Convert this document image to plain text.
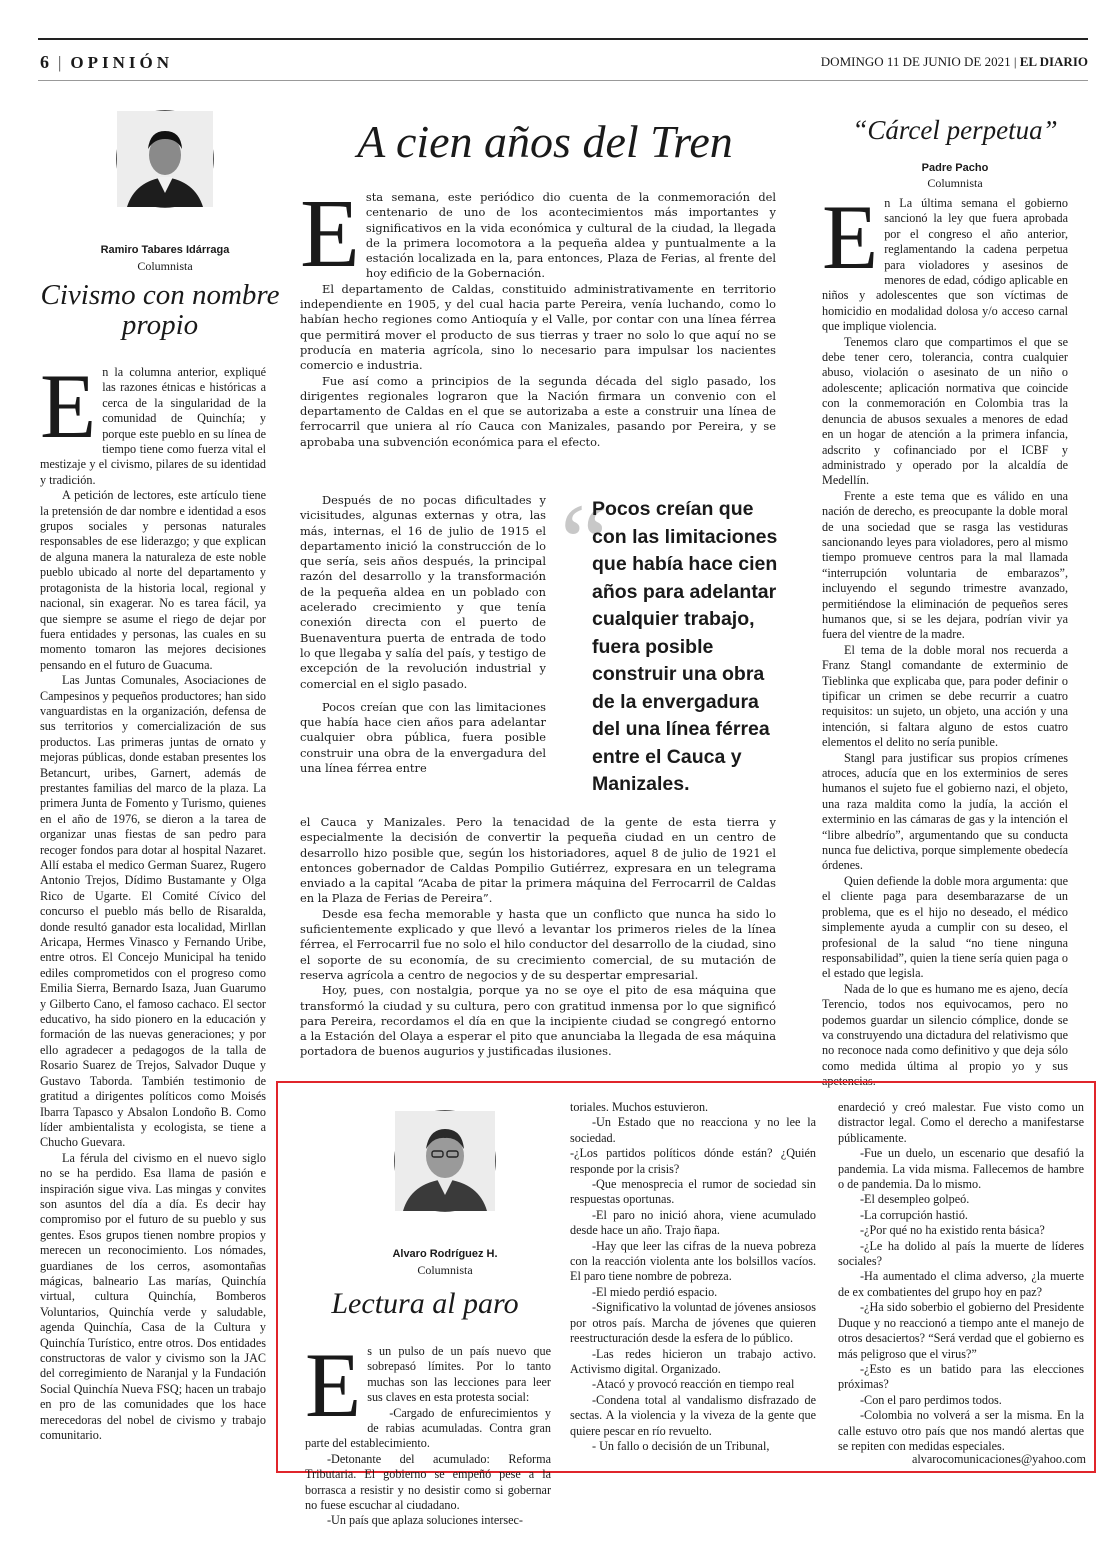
6 | OPINIÓN	DOMINGO 11 DE JUNIO DE 2021 | EL DIARIO
Ramiro Tabares Idárraga
Columnista
Civismo con nombre propio
E n la columna anterior, expliqué las razones étnicas e históricas a cerca de la singularidad de la comunidad de Quinchía; y porque este pueblo en su línea de tiempo tiene como fuerza vital el mestizaje y el civismo, pilares de su identidad y tradición.

A petición de lectores, este artículo tiene la pretensión de dar nombre e identidad a esos grupos sociales y personas naturales responsables de ese liderazgo; y que explican de alguna manera la naturaleza de este noble pueblo ubicado al norte del departamento y protagonista de la historia local, regional y nacional, sin exagerar. No es tarea fácil, ya que siempre se asume el riego de dejar por fuera entidades y personas, las cuales en su momento tomaron las mejores decisiones pensando en el futuro de Guacuma.

Las Juntas Comunales, Asociaciones de Campesinos y pequeños productores; han sido vanguardistas en la organización, defensa de sus territorios y comercialización de sus productos. Las primeras juntas de ornato y mejoras públicas, donde estaban presentes los Betancurt, uribes, Garnert, además de prestantes familias del marco de la plaza. La primera Junta de Fomento y Turismo, quienes en el año de 1976, se dieron a la tarea de organizar unas fiestas de san pedro para recoger fondos para dotar al hospital Nazaret. Allí estaba el medico German Suarez, Rugero Antonio Trejos, Dídimo Bustamante y Olga Rico de Ugarte. El Comité Cívico del concurso el pueblo más bello de Risaralda, donde resultó ganador esta localidad, Mirllan Aricapa, Hermes Vinasco y Fernando Uribe, entre otros. El Concejo Municipal ha tenido ediles comprometidos con el progreso como Emilia Sierra, Bernardo Isaza, Juan Guarumo y Gilberto Cano, el famoso cachaco. El sector educativo, ha sido pionero en la educación y formación de las nuevas generaciones; y por ello agradecer a pedagogos de la talla de Rosario Suarez de Trejos, Salvador Duque y Gustavo Taborda. También testimonio de gratitud a dirigentes políticos como Moisés Ibarra Tapasco y Absalon Londoño B. Como líder ambientalista y ecologista, se tiene a Chucho Guevara.

La férula del civismo en el nuevo siglo no se ha perdido. Esa llama de pasión e inspiración sigue viva. Las mingas y convites son asuntos del día a día. Es decir hay compromiso por el futuro de su pueblo y sus gentes. Esos grupos tienen nombre propios y merecen un reconocimiento. Los nómades, guardianes de los cerros, asomontañas mágicas, balneario Las marías, Quinchía virtual, cultura Quinchía, Bomberos Voluntarios, Quinchía verde y saludable, agenda Quinchía, Casa de la Cultura y Quinchía Turístico, entre otros. Dos entidades constructoras de valor y civismo son la JAC del corregimiento de Naranjal y la Fundación Social Quinchía Nueva FSQ; hacen un trabajo en pro de las comunidades que los hace merecedoras del nobel de civismo y trabajo comunitario.

A cien años del Tren
E sta semana, este periódico dio cuenta de la conmemoración del centenario de uno de los acontecimientos más importantes y significativos en la vida económica y cultural de la ciudad, la llegada de la primera locomotora a la pequeña aldea y puntualmente a la estación localizada en la, para entonces, Plaza de Ferias, al frente del hoy edificio de la Gobernación.

El departamento de Caldas, constituido administrativamente en territorio independiente en 1905, y del cual hacia parte Pereira, venía luchando, como lo habían hecho regiones como Antioquía y el Valle, por contar con una línea férrea que permitirá mover el producto de sus tierras y traer no solo lo que aquí no se producía en materia agrícola, sino lo necesario para impulsar los nacientes comercio e industria.

Fue así como a principios de la segunda década del siglo pasado, los dirigentes regionales lograron que la Nación firmara un convenio con el departamento de Caldas en el que se autorizaba a este a construir una línea de ferrocarril que uniera al río Cauca con Manizales, pasando por Pereira, y se aprobaba una subvención económica para el efecto.

Después de no pocas dificultades y vicisitudes, algunas externas y otra, las más, internas, el 16 de julio de 1915 el departamento inició la construcción de lo que sería, seis años después, la principal razón del desarrollo y la transformación de la pequeña aldea en un poblado con acelerado crecimiento y que tenía conexión directa con el puerto de Buenaventura puerta de entrada de todo lo que llegaba y salía del país, y testigo de excepción de la revolución industrial y comercial en el siglo pasado.

Pocos creían que con las limitaciones que había hace cien años para adelantar cualquier obra pública, fuera posible construir una obra de la envergadura del una línea férrea entre

“
Pocos creían que con las limitaciones que había hace cien años para adelantar cualquier trabajo, fuera posible construir una obra de la envergadura del una línea férrea entre el Cauca y Manizales.

el Cauca y Manizales. Pero la tenacidad de la gente de esta tierra y especialmente la decisión de convertir la pequeña ciudad en un centro de desarrollo hizo posible que, según los historiadores, aquel 8 de julio de 1921 el entonces gobernador de Caldas Pompilio Gutiérrez, expresara en un telegrama enviado a la capital “Acaba de pitar la primera máquina del Ferrocarril de Caldas en la Plaza de Ferias de Pereira”.

Desde esa fecha memorable y hasta que un conflicto que nunca ha sido lo suficientemente explicado y que llevó a levantar los primeros rieles de la línea férrea, el Ferrocarril fue no solo el hilo conductor del desarrollo de la ciudad, sino el soporte de su economía, de su crecimiento comercial, de su mutación de reserva agrícola a centro de negocios y de su despertar empresarial.

Hoy, pues, con nostalgia, porque ya no se oye el pito de esa máquina que transformó la ciudad y su cultura, pero con gratitud inmensa por lo que significó para Pereira, recordamos el día en que la incipiente ciudad se congregó entorno a la Estación del Olaya a esperar el pito que anunciaba la llegada de esa máquina portadora de buenos augurios y justificadas ilusiones.

“Cárcel perpetua”
Padre Pacho
Columnista
E n La última semana el gobierno sancionó la ley que fuera aprobada por el congreso el año anterior, reglamentando la cadena perpetua para violadores y asesinos de menores de edad, código aplicable en niños y adolescentes que son víctimas de homicidio en modalidad dolosa y/o acceso carnal que implique violencia.

Tenemos claro que compartimos el que se debe tener cero, tolerancia, contra cualquier abuso, violación o asesinato de un niño o adolescente; aplicación normativa que coincide con la conmemoración en Colombia tras la denuncia de abusos sexuales a menores de edad en un hogar de atención a la primera infancia, adscrito y cofinanciado por el ICBF y administrado y operado por la alcaldía de Medellín.

Frente a este tema que es válido en una nación de derecho, es preocupante la doble moral de una sociedad que se rasga las vestiduras sancionando leyes para violadores, pero al mismo tiempo promueve centros para la mal llamada “interrupción voluntaria de embarazos”, incluyendo el segundo trimestre avanzado, permitiéndose la eliminación de pequeños seres humanos que, si se les dejara, podrían vivir ya fuera del vientre de la madre.

El tema de la doble moral nos recuerda a Franz Stangl comandante de exterminio de Tieblinka que explicaba que, para poder definir o tipificar un crimen se debe recurrir a cuatro requisitos: un sujeto, un objeto, una acción y una intención, si faltara alguno de estos cuatro elementos el delito no sería punible.

Stangl para justificar sus propios crímenes atroces, aducía que en los exterminios de seres humanos el sujeto fue el gobierno nazi, el objeto, una raza maldita como la judía, la acción el exterminio en las cámaras de gas y la intención el “libre albedrío”, argumentando que su conducta nunca fue delictiva, porque simplemente obedecía órdenes.

Quien defiende la doble mora argumenta: que el cliente paga para desembarazarse de un problema, que es el hijo no deseado, el médico simplemente ayuda a cumplir con su deseo, el profesional de la salud “no tiene ninguna responsabilidad”, quien la tiene sería quien paga o el estado que legisla.

Nada de lo que es humano me es ajeno, decía Terencio, todos nos equivocamos, pero no podemos guardar un silencio cómplice, donde se va construyendo una dictadura del relativismo que no reconoce nada como definitivo y que deja sólo como medida última al propio yo y sus apetencias.

Alvaro Rodríguez H.
Columnista
Lectura al paro
E s un pulso de un país nuevo que sobrepasó límites. Por lo tanto muchas son las lecciones para leer sus claves en esta protesta social:

-Cargado de enfurecimientos y de rabias acumuladas. Contra gran parte del establecimiento.

-Detonante del acumulado: Reforma Tributaria. El gobierno se empeñó pese a la borrasca a resistir y no desistir como si gobernar no fuese escuchar al ciudadano.

-Un país que aplaza soluciones intersec-

toriales. Muchos estuvieron.

-Un Estado que no reacciona y no lee la sociedad.

-¿Los partidos políticos dónde están? ¿Quién responde por la crisis?

-Que menosprecia el rumor de sociedad sin respuestas oportunas.

-El paro no inició ahora, viene acumulado desde hace un año. Trajo ñapa.

-Hay que leer las cifras de la nueva pobreza con la reacción violenta ante los bolsillos vacíos. El paro tiene nombre de pobreza.

-El miedo perdió espacio.

-Significativo la voluntad de jóvenes ansiosos por otros país. Marcha de jóvenes que quieren reestructuración desde la esfera de lo público.

-Las redes hicieron un trabajo activo. Activismo digital. Organizado.

-Atacó y provocó reacción en tiempo real

-Condena total al vandalismo disfrazado de sectas. A la violencia y la viveza de la gente que quiere pescar en río revuelto.

- Un fallo o decisión de un Tribunal,

enardeció y creó malestar. Fue visto como un distractor legal. Como el derecho a manifestarse públicamente.

-Fue un duelo, un escenario que desafió la pandemia. La vida misma. Fallecemos de hambre o de pandemia. Da lo mismo.

-El desempleo golpeó.

-La corrupción hastió.

-¿Por qué no ha existido renta básica?

-¿Le ha dolido al país la muerte de líderes sociales?

-Ha aumentado el clima adverso, ¿la muerte de ex combatientes del grupo hoy en paz?

-¿Ha sido soberbio el gobierno del Presidente Duque y no reaccionó a tiempo ante el manejo de otros desaciertos? “Será verdad que el gobierno es más peligroso que el virus?”

-¿Esto es un batido para las elecciones próximas?

-Con el paro perdimos todos.

-Colombia no volverá a ser la misma. En la calle estuvo otro país que nos mandó alertas que se repiten con medidas especiales.

alvarocomunicaciones@yahoo.com
